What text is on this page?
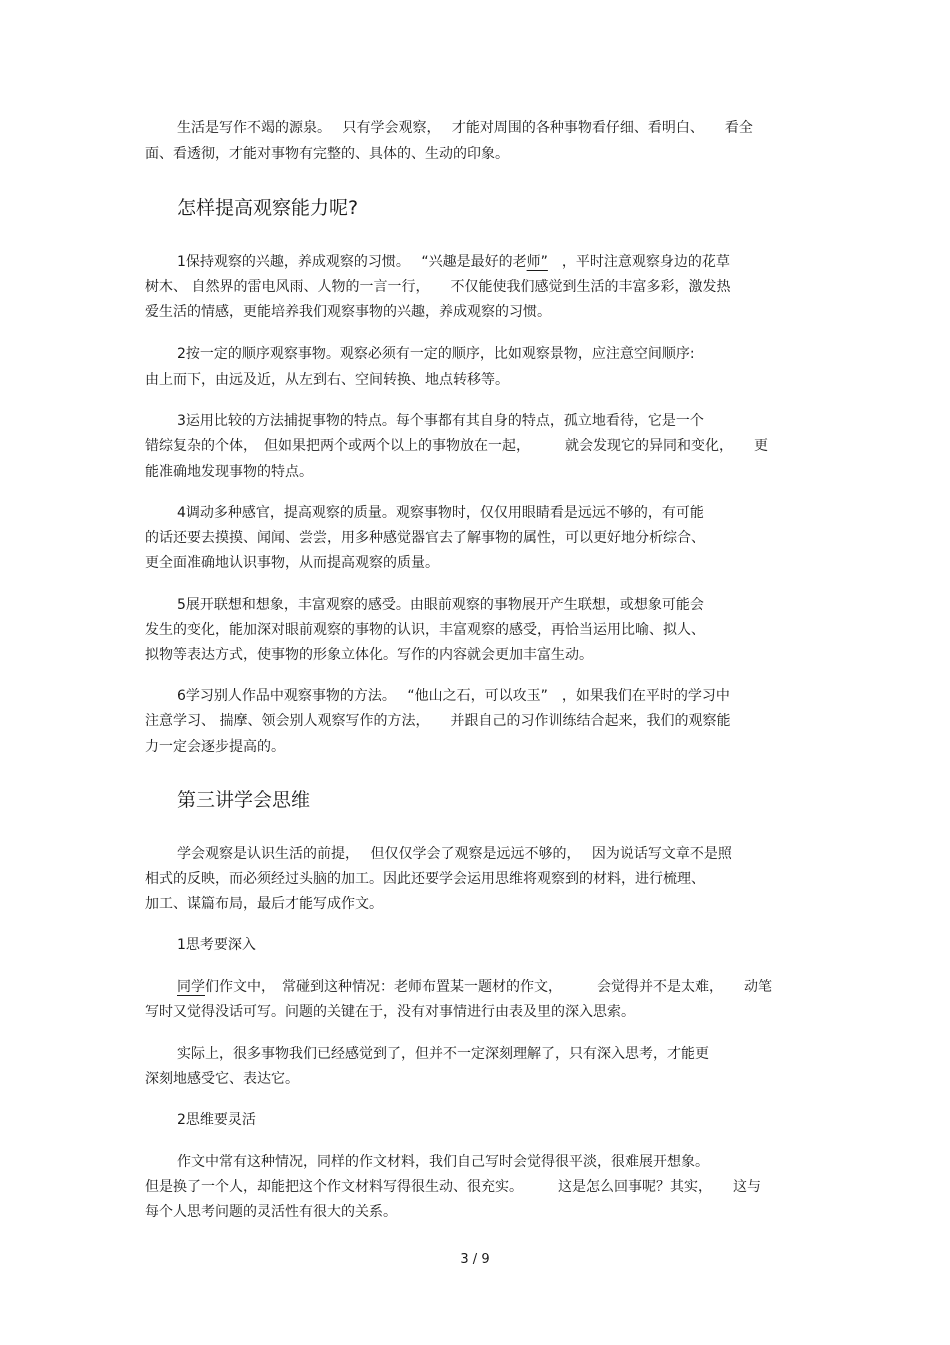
生活是写作不竭的源泉。　 只有学会观察，　 才能对周围的各种事物看仔细、看明白、　　看全
面、看透彻，才能对事物有完整的、具体的、生动的印象。
怎样提高观察能力呢?
1保持观察的兴趣，养成观察的习惯。　 “兴趣是最好的老师”　，平时注意观察身边的花草
树木、 自然界的雷电风雨、人物的一言一行，　　不仅能使我们感觉到生活的丰富多彩，激发热
爱生活的情感，更能培养我们观察事物的兴趣，养成观察的习惯。
2按一定的顺序观察事物。观察必须有一定的顺序，比如观察景物，应注意空间顺序:
由上而下，由远及近，从左到右、空间转换、地点转移等。
3运用比较的方法捕捉事物的特点。每个事都有其自身的特点，孤立地看待，它是一个
错综复杂的个体，　但如果把两个或两个以上的事物放在一起，　　　就会发现它的异同和变化，　　更
能准确地发现事物的特点。
4调动多种感官，提高观察的质量。观察事物时，仅仅用眼睛看是远远不够的，有可能
的话还要去摸摸、闻闻、尝尝，用多种感觉器官去了解事物的属性，可以更好地分析综合、
更全面准确地认识事物，从而提高观察的质量。
5展开联想和想象，丰富观察的感受。由眼前观察的事物展开产生联想，或想象可能会
发生的变化，能加深对眼前观察的事物的认识，丰富观察的感受，再恰当运用比喻、拟人、
拟物等表达方式，使事物的形象立体化。写作的内容就会更加丰富生动。
6学习别人作品中观察事物的方法。　 “他山之石，可以攻玉”　，如果我们在平时的学习中
注意学习、 揣摩、领会别人观察写作的方法，　　并跟自己的习作训练结合起来，我们的观察能
力一定会逐步提高的。
第三讲学会思维
学会观察是认识生活的前提，　 但仅仅学会了观察是远远不够的，　 因为说话写文章不是照
相式的反映，而必须经过头脑的加工。因此还要学会运用思维将观察到的材料，进行梳理、
加工、谋篇布局，最后才能写成作文。
1思考要深入
同学们作文中，　常碰到这种情况：老师布置某一题材的作文，　　　会觉得并不是太难，　　动笔
写时又觉得没话可写。问题的关键在于，没有对事情进行由表及里的深入思索。
实际上，很多事物我们已经感觉到了，但并不一定深刻理解了，只有深入思考，才能更
深刻地感受它、表达它。
2思维要灵活
作文中常有这种情况，同样的作文材料，我们自己写时会觉得很平淡，很难展开想象。
但是换了一个人，却能把这个作文材料写得很生动、很充实。　　　这是怎么回事呢？其实，　　这与
每个人思考问题的灵活性有很大的关系。
3 / 9
